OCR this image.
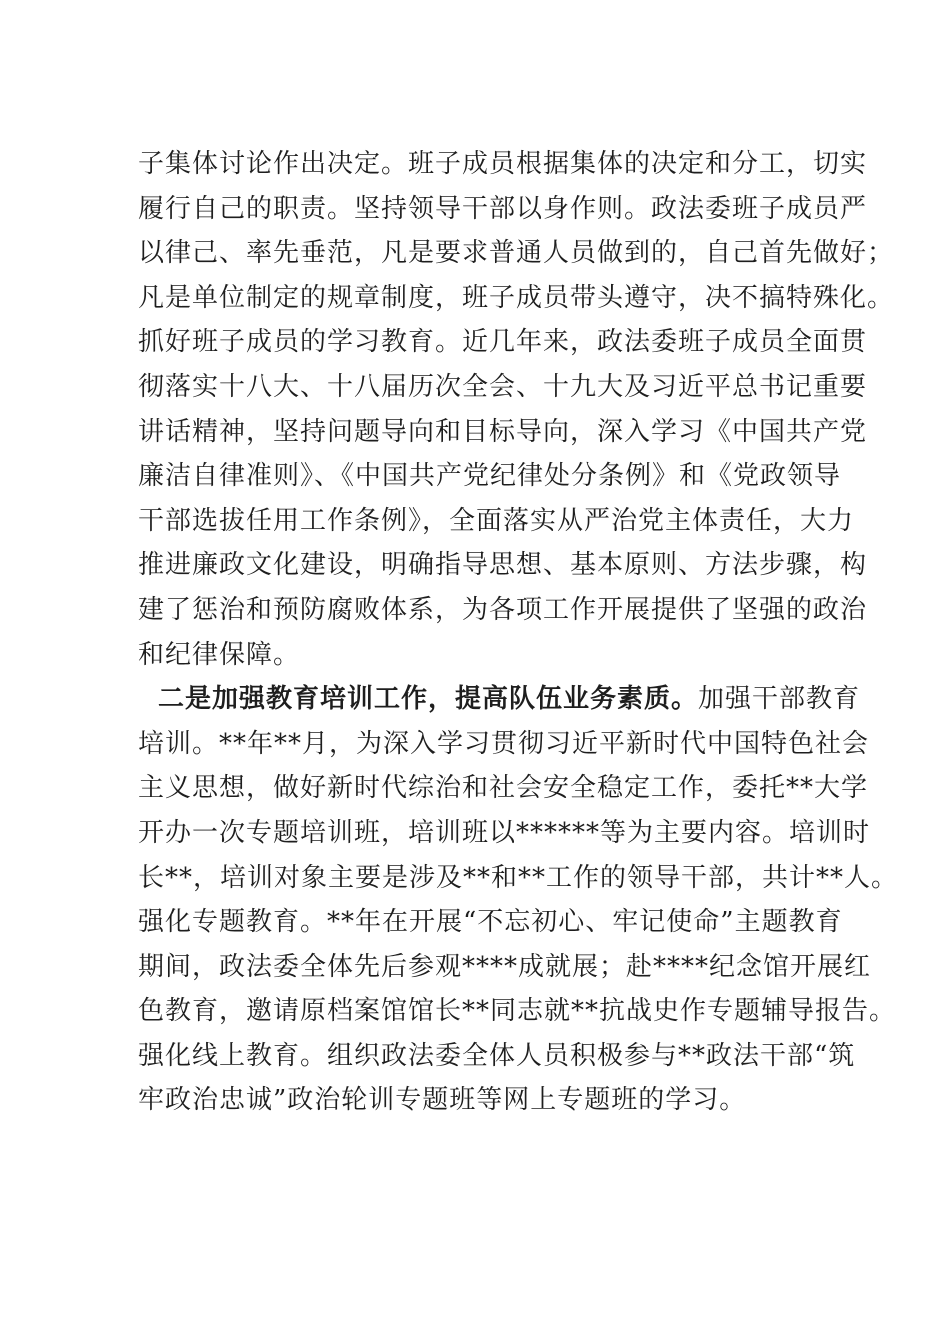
子集体讨论作出决定。班子成员根据集体的决定和分工，切实
履行自己的职责。坚持领导干部以身作则。政法委班子成员严
以律己、率先垂范，凡是要求普通人员做到的，自己首先做好；
凡是单位制定的规章制度，班子成员带头遵守，决不搞特殊化。
抓好班子成员的学习教育。近几年来，政法委班子成员全面贯
彻落实十八大、十八届历次全会、十九大及习近平总书记重要
讲话精神，坚持问题导向和目标导向，深入学习《中国共产党
廉洁自律准则》、《中国共产党纪律处分条例》和《党政领导
干部选拔任用工作条例》，全面落实从严治党主体责任，大力
推进廉政文化建设，明确指导思想、基本原则、方法步骤，构
建了惩治和预防腐败体系，为各项工作开展提供了坚强的政治
和纪律保障。
二是加强教育培训工作，提高队伍业务素质。加强干部教育
培训。**年**月，为深入学习贯彻习近平新时代中国特色社会
主义思想，做好新时代综治和社会安全稳定工作，委托**大学
开办一次专题培训班，培训班以******等为主要内容。培训时
长**，培训对象主要是涉及**和**工作的领导干部，共计**人。
强化专题教育。**年在开展“不忘初心、牢记使命”主题教育
期间，政法委全体先后参观****成就展；赴****纪念馆开展红
色教育，邀请原档案馆馆长**同志就**抗战史作专题辅导报告。
强化线上教育。组织政法委全体人员积极参与**政法干部“筑
牢政治忠诚”政治轮训专题班等网上专题班的学习。
